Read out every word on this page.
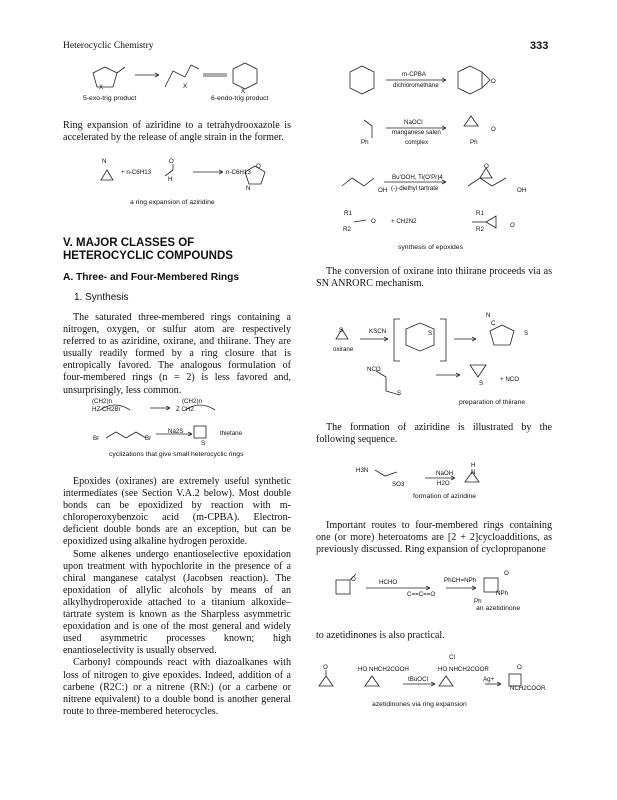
Heterocyclic Chemistry	333
X	X
X
5-exo-trig product	6-endo-trig product

Ring expansion of aziridine to a tetrahydrooxazole is accelerated by the release of angle strain in the former.

N
+ n-C6H13
O
H
n-C6H13
O
N
a ring expansion of aziridine
V. MAJOR CLASSES OF HETEROCYCLIC COMPOUNDS
A. Three- and Four-Membered Rings
1. Synthesis

The saturated three-membered rings containing a nitrogen, oxygen, or sulfur atom are respectively referred to as aziridine, oxirane, and thiirane. They are usually readily formed by a ring closure that is entropically favored. The analogous formulation of four-membered rings (n = 2) is less favored and, unsurprisingly, less common.

(CH2)n
HZ CH2Br
(CH2)n
Z CH2
Na2S
Br	Br
S
thietane
cyclizations that give small heterocyclic rings

Epoxides (oxiranes) are extremely useful synthetic intermediates (see Section V.A.2 below). Most double bonds can be epoxidized by reaction with m-chloroperoxybenzoic acid (m-CPBA). Electron-deficient double bonds are an exception, but can be epoxidized using alkaline hydrogen peroxide.

Some alkenes undergo enantioselective epoxidation upon treatment with hypochlorite in the presence of a chiral manganese catalyst (Jacobsen reaction). The epoxidation of allylic alcohols by means of an alkylhydroperoxide attached to a titanium alkoxide–tartrate system is known as the Sharpless asymmetric epoxidation and is one of the most general and widely used asymmetric processes known; high enantioselectivity is usually observed.

Carbonyl compounds react with diazoalkanes with loss of nitrogen to give epoxides. Indeed, addition of a carbene (R2C:) or a nitrene (RN:) (or a carbene or nitrene equivalent) to a double bond is another general route to three-membered heterocycles.

m-CPBA
dichloromethane
O
NaOCl
manganese salen
complex
Ph	Ph
O
Bu'OOH, Ti(O'Pr)4
(-)-diethyl tartrate
OH	OH
O
R1
R2
O + CH2N2
R1
R2
O
synthesis of epoxides

The conversion of oxirane into thiirane proceeds via as SN ANRORC mechanism.

S	KSCN
oxirane
S
N
C
S
NCO
S
S
+ NCO
preparation of thiirane

The formation of aziridine is illustrated by the following sequence.

H3N
SO3
NaOH
H2O
H
N
formation of aziridine

Important routes to four-membered rings containing one (or more) heteroatoms are [2 + 2]cycloadditions, as previously discussed. Ring expansion of cyclopropanone

O	HCHO
C==C==O
PhCH=NPh
O
NPh
Ph
an azetidinone

to azetidinones is also practical.

O	HO NHCH2COOH
Cl
HO NHCH2COOR
tBuOCl	Ag+
O
NCH2COOR
azetidinones via ring expansion
